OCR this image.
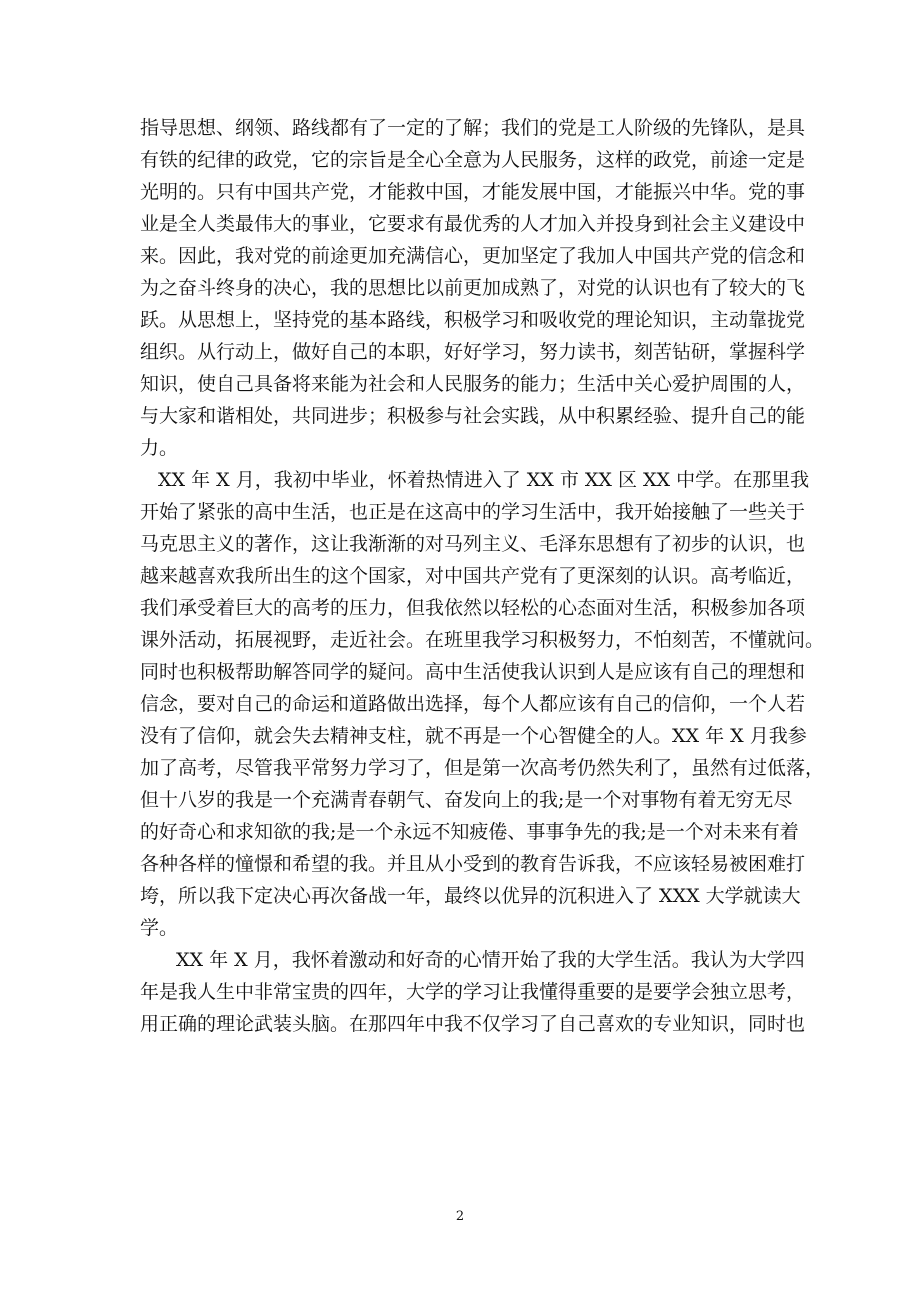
指导思想、纲领、路线都有了一定的了解；我们的党是工人阶级的先锋队，是具
有铁的纪律的政党，它的宗旨是全心全意为人民服务，这样的政党，前途一定是
光明的。只有中国共产党，才能救中国，才能发展中国，才能振兴中华。党的事
业是全人类最伟大的事业，它要求有最优秀的人才加入并投身到社会主义建设中
来。因此，我对党的前途更加充满信心，更加坚定了我加人中国共产党的信念和
为之奋斗终身的决心，我的思想比以前更加成熟了，对党的认识也有了较大的飞
跃。从思想上，坚持党的基本路线，积极学习和吸收党的理论知识，主动靠拢党
组织。从行动上，做好自己的本职，好好学习，努力读书，刻苦钻研，掌握科学
知识，使自己具备将来能为社会和人民服务的能力；生活中关心爱护周围的人，
与大家和谐相处，共同进步；积极参与社会实践，从中积累经验、提升自己的能
力。
XX 年 X 月，我初中毕业，怀着热情进入了 XX 市 XX 区 XX 中学。在那里我
开始了紧张的高中生活，也正是在这高中的学习生活中，我开始接触了一些关于
马克思主义的著作，这让我渐渐的对马列主义、毛泽东思想有了初步的认识，也
越来越喜欢我所出生的这个国家，对中国共产党有了更深刻的认识。高考临近，
我们承受着巨大的高考的压力，但我依然以轻松的心态面对生活，积极参加各项
课外活动，拓展视野，走近社会。在班里我学习积极努力，不怕刻苦，不懂就问。
同时也积极帮助解答同学的疑问。高中生活使我认识到人是应该有自己的理想和
信念，要对自己的命运和道路做出选择，每个人都应该有自己的信仰，一个人若
没有了信仰，就会失去精神支柱，就不再是一个心智健全的人。XX 年 X 月我参
加了高考，尽管我平常努力学习了，但是第一次高考仍然失利了，虽然有过低落，
但十八岁的我是一个充满青春朝气、奋发向上的我;是一个对事物有着无穷无尽
的好奇心和求知欲的我;是一个永远不知疲倦、事事争先的我;是一个对未来有着
各种各样的憧憬和希望的我。并且从小受到的教育告诉我，不应该轻易被困难打
垮，所以我下定决心再次备战一年，最终以优异的沉积进入了 XXX 大学就读大
学。
XX 年 X 月，我怀着激动和好奇的心情开始了我的大学生活。我认为大学四
年是我人生中非常宝贵的四年，大学的学习让我懂得重要的是要学会独立思考，
用正确的理论武装头脑。在那四年中我不仅学习了自己喜欢的专业知识，同时也
2
